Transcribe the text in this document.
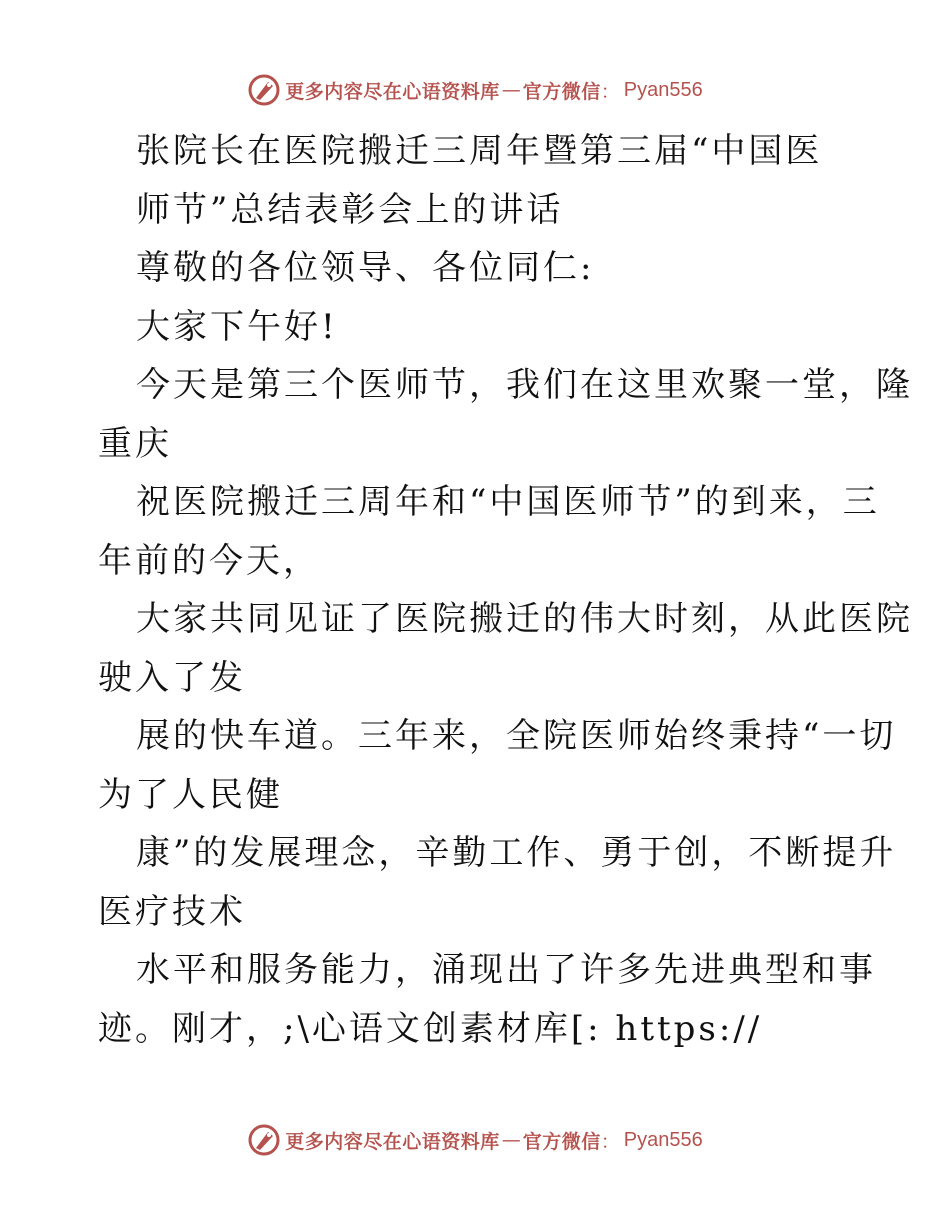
更多内容尽在心语资料库 — 官方微信 ： Pyan556
张院长在医院搬迁三周年暨第三届“中国医
师节”总结表彰会上的讲话
尊敬的各位领导、各位同仁:
大家下午好!
今天是第三个医师节，我们在这里欢聚一堂，隆
重庆
祝医院搬迁三周年和“中国医师节”的到来，三
年前的今天，
大家共同见证了医院搬迁的伟大时刻，从此医院
驶入了发
展的快车道。三年来，全院医师始终秉持“一切
为了人民健
康”的发展理念，辛勤工作、勇于创，不断提升
医疗技术
水平和服务能力，涌现出了许多先进典型和事
迹。刚才，;\心语文创素材库[: https://
更多内容尽在心语资料库 — 官方微信 ： Pyan556
